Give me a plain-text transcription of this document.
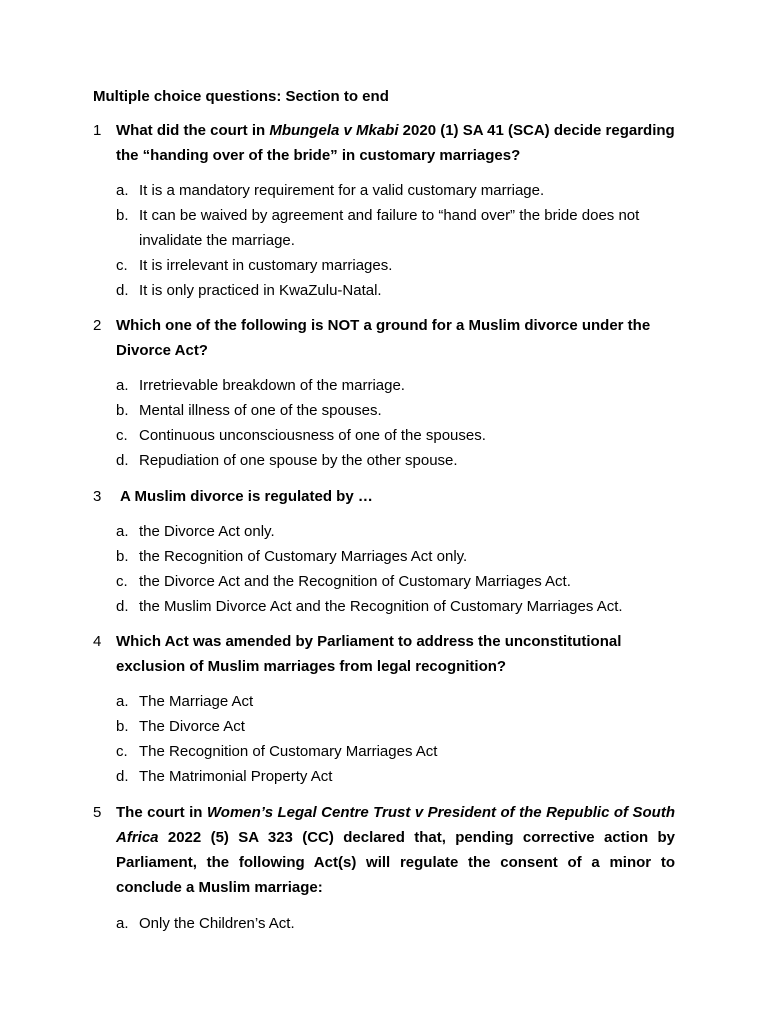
Multiple choice questions: Section to end
1 What did the court in Mbungela v Mkabi 2020 (1) SA 41 (SCA) decide regarding the “handing over of the bride” in customary marriages?
a. It is a mandatory requirement for a valid customary marriage.
b. It can be waived by agreement and failure to “hand over” the bride does not invalidate the marriage.
c. It is irrelevant in customary marriages.
d. It is only practiced in KwaZulu-Natal.
2 Which one of the following is NOT a ground for a Muslim divorce under the Divorce Act?
a. Irretrievable breakdown of the marriage.
b. Mental illness of one of the spouses.
c. Continuous unconsciousness of one of the spouses.
d. Repudiation of one spouse by the other spouse.
3 A Muslim divorce is regulated by …
a. the Divorce Act only.
b. the Recognition of Customary Marriages Act only.
c. the Divorce Act and the Recognition of Customary Marriages Act.
d. the Muslim Divorce Act and the Recognition of Customary Marriages Act.
4 Which Act was amended by Parliament to address the unconstitutional exclusion of Muslim marriages from legal recognition?
a. The Marriage Act
b. The Divorce Act
c. The Recognition of Customary Marriages Act
d. The Matrimonial Property Act
5 The court in Women’s Legal Centre Trust v President of the Republic of South Africa 2022 (5) SA 323 (CC) declared that, pending corrective action by Parliament, the following Act(s) will regulate the consent of a minor to conclude a Muslim marriage:
a. Only the Children’s Act.
